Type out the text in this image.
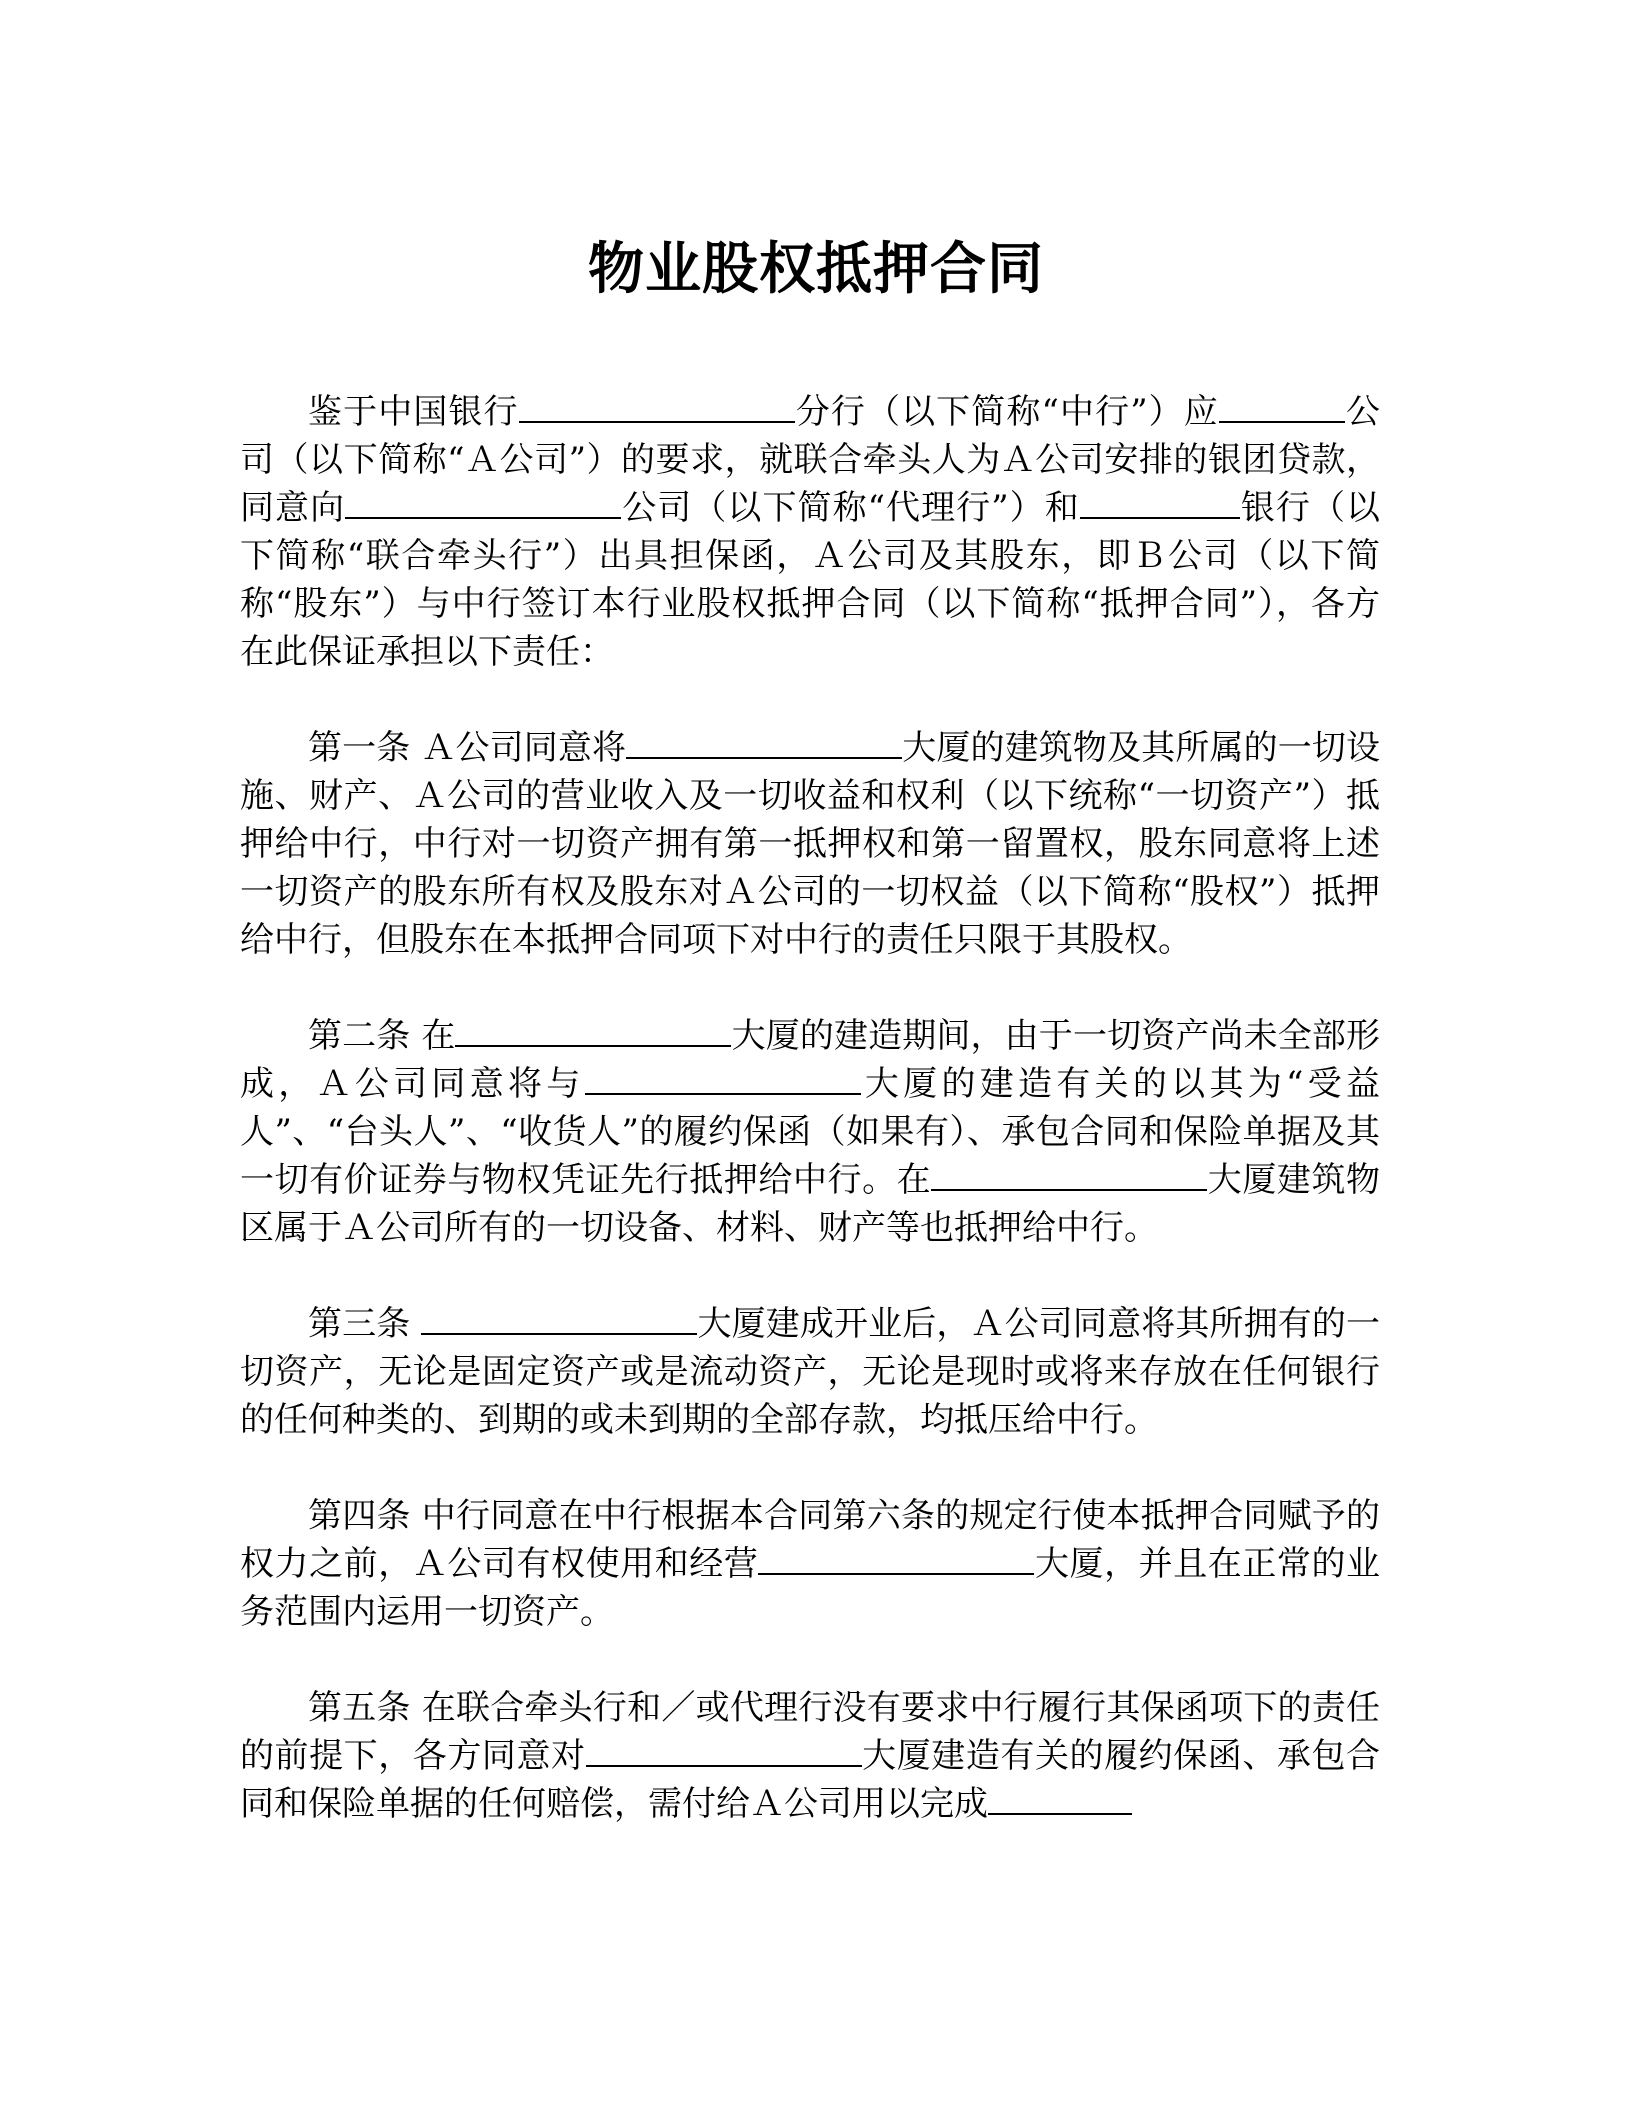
物业股权抵押合同

鉴于中国银行	分行（以下简称“中行”）应	公司（以下简称“Ａ公司”）的要求，就联合牵头人为Ａ公司安排的银团贷款，同意向	公司（以下简称“代理行”）和	银行（以下简称“联合牵头行”）出具担保函，Ａ公司及其股东，即Ｂ公司（以下简称“股东”）与中行签订本行业股权抵押合同（以下简称“抵押合同”），各方在此保证承担以下责任：

第一条 Ａ公司同意将	大厦的建筑物及其所属的一切设施、财产、Ａ公司的营业收入及一切收益和权利（以下统称“一切资产”）抵押给中行，中行对一切资产拥有第一抵押权和第一留置权，股东同意将上述一切资产的股东所有权及股东对Ａ公司的一切权益（以下简称“股权”）抵押给中行，但股东在本抵押合同项下对中行的责任只限于其股权。

第二条 在	大厦的建造期间，由于一切资产尚未全部形成，Ａ公司同意将与	大厦的建造有关的以其为“受益人”、“台头人”、“收货人”的履约保函（如果有）、承包合同和保险单据及其一切有价证券与物权凭证先行抵押给中行。在	大厦建筑物区属于Ａ公司所有的一切设备、材料、财产等也抵押给中行。

第三条	大厦建成开业后，Ａ公司同意将其所拥有的一切资产，无论是固定资产或是流动资产，无论是现时或将来存放在任何银行的任何种类的、到期的或未到期的全部存款，均抵压给中行。

第四条 中行同意在中行根据本合同第六条的规定行使本抵押合同赋予的权力之前，Ａ公司有权使用和经营	大厦，并且在正常的业务范围内运用一切资产。

第五条 在联合牵头行和／或代理行没有要求中行履行其保函项下的责任的前提下，各方同意对	大厦建造有关的履约保函、承包合同和保险单据的任何赔偿，需付给Ａ公司用以完成
